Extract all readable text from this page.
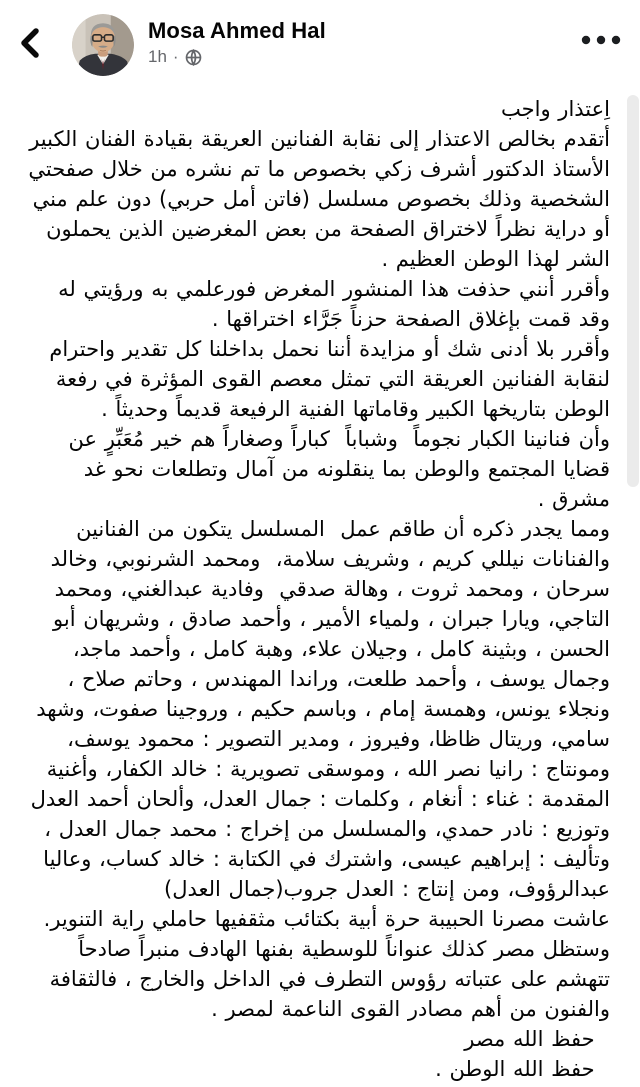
Mosa Ahmed Hal
1h ·

اِعتذار واجب

أتقدم بخالص الاعتذار إلى نقابة الفنانين العريقة بقيادة الفنان الكبير الأستاذ الدكتور أشرف زكي بخصوص ما تم نشره من خلال صفحتي الشخصية وذلك بخصوص مسلسل (فاتن أمل حربي) دون علم مني أو دراية نظراً لاختراق الصفحة من بعض المغرضين الذين يحملون الشر لهذا الوطن العظيم .

وأقرر أنني حذفت هذا المنشور المغرض فورعلمي به ورؤيتي له وقد قمت بإغلاق الصفحة حزناً جَرَّاء اختراقها .

وأقرر بلا أدنى شك أو مزايدة أننا نحمل بداخلنا كل تقدير واحترام لنقابة الفنانين العريقة التي تمثل معصم القوى المؤثرة في رفعة الوطن بتاريخها الكبير وقاماتها الفنية الرفيعة قديماً وحديثاً .

وأن فنانينا الكبار نجوماً  وشباباً  كباراً وصغاراً هم خير مُعَبِّرٍ عن قضايا المجتمع والوطن بما ينقلونه من آمال وتطلعات نحو غد مشرق .

ومما يجدر ذكره أن طاقم عمل  المسلسل يتكون من الفنانين والفنانات نيللي كريم ، وشريف سلامة،  ومحمد الشرنوبي، وخالد سرحان ، ومحمد ثروت ، وهالة صدقي  وفادية عبدالغني، ومحمد التاجي، ويارا جبران ، ولمياء الأمير ، وأحمد صادق ، وشريهان أبو الحسن ، وبثينة كامل ، وجيلان علاء، وهبة كامل ، وأحمد ماجد، وجمال يوسف ، وأحمد طلعت، وراندا المهندس ، وحاتم صلاح ، ونجلاء يونس، وهمسة إمام ، وباسم حكيم ، وروجينا صفوت، وشهد سامي، وريتال ظاظا، وفيروز ، ومدير التصوير : محمود يوسف، ومونتاج : رانيا نصر الله ، وموسقى تصويرية : خالد الكفار، وأغنية المقدمة : غناء : أنغام ، وكلمات : جمال العدل، وألحان أحمد العدل وتوزيع : نادر حمدي، والمسلسل من إخراج : محمد جمال العدل ، وتأليف : إبراهيم عيسى، واشترك في الكتابة : خالد كساب، وعاليا عبدالرؤوف، ومن إنتاج : العدل جروب(جمال العدل)

عاشت مصرنا الحبيبة حرة أبية بكتائب مثقفيها حاملي راية التنوير.

وستظل مصر كذلك عنواناً للوسطية بفنها الهادف منبراً صادحاً تتهشم على عتباته رؤوس التطرف في الداخل والخارج ، فالثقافة والفنون من أهم مصادر القوى الناعمة لمصر .

حفظ الله مصر

حفظ الله الوطن .
